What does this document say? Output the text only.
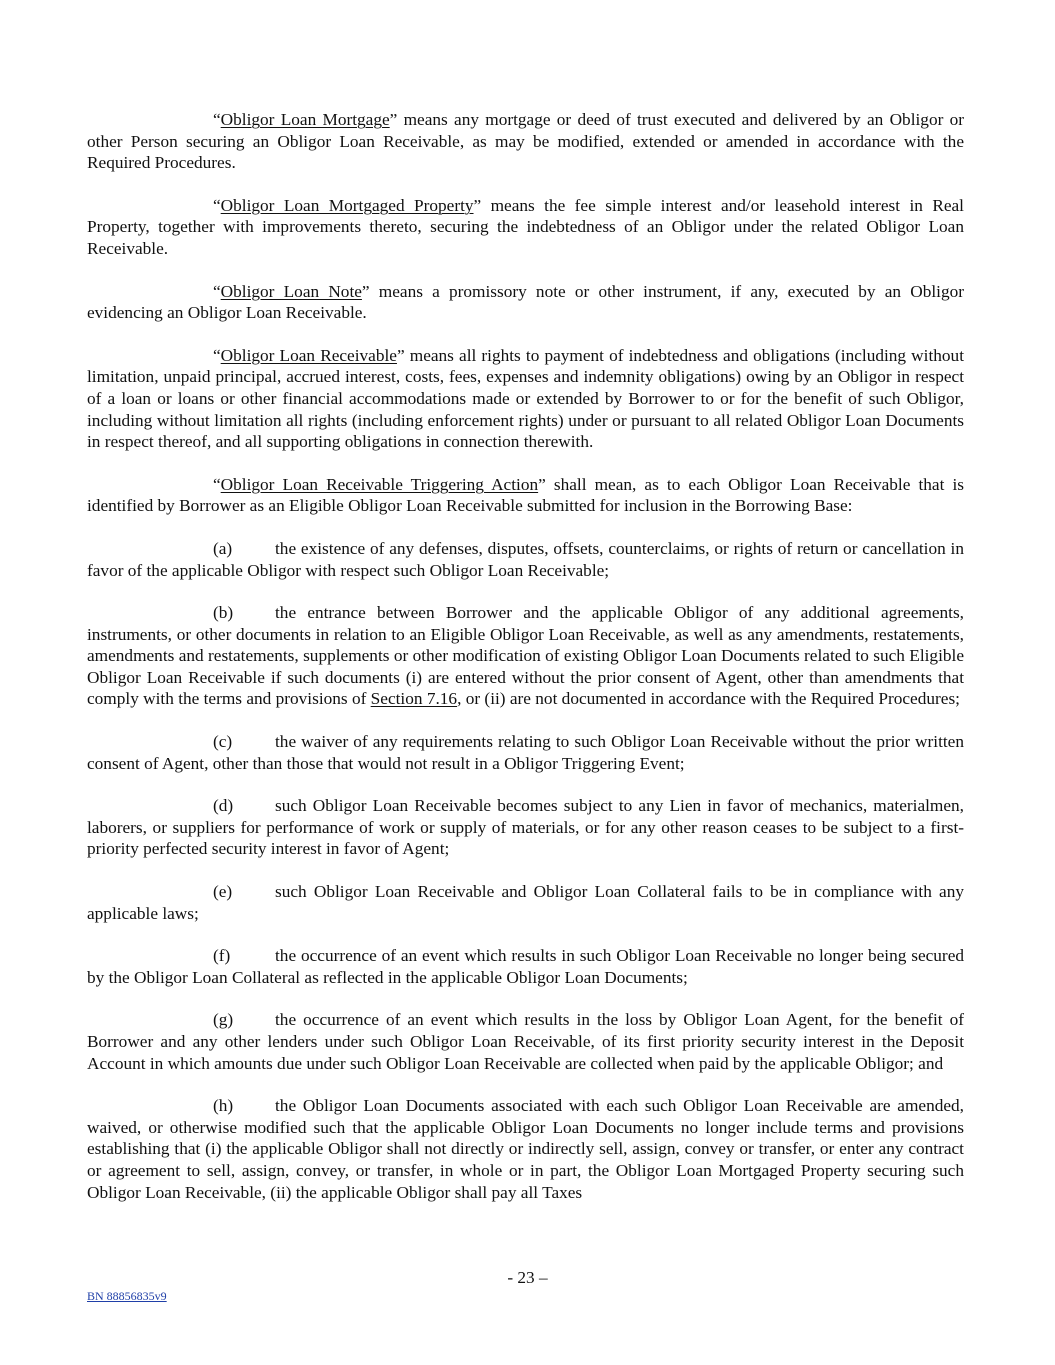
“Obligor Loan Mortgage” means any mortgage or deed of trust executed and delivered by an Obligor or other Person securing an Obligor Loan Receivable, as may be modified, extended or amended in accordance with the Required Procedures.

“Obligor Loan Mortgaged Property” means the fee simple interest and/or leasehold interest in Real Property, together with improvements thereto, securing the indebtedness of an Obligor under the related Obligor Loan Receivable.

“Obligor Loan Note” means a promissory note or other instrument, if any, executed by an Obligor evidencing an Obligor Loan Receivable.

“Obligor Loan Receivable” means all rights to payment of indebtedness and obligations (including without limitation, unpaid principal, accrued interest, costs, fees, expenses and indemnity obligations) owing by an Obligor in respect of a loan or loans or other financial accommodations made or extended by Borrower to or for the benefit of such Obligor, including without limitation all rights (including enforcement rights) under or pursuant to all related Obligor Loan Documents in respect thereof, and all supporting obligations in connection therewith.

“Obligor Loan Receivable Triggering Action” shall mean, as to each Obligor Loan Receivable that is identified by Borrower as an Eligible Obligor Loan Receivable submitted for inclusion in the Borrowing Base:

(a) the existence of any defenses, disputes, offsets, counterclaims, or rights of return or cancellation in favor of the applicable Obligor with respect such Obligor Loan Receivable;

(b) the entrance between Borrower and the applicable Obligor of any additional agreements, instruments, or other documents in relation to an Eligible Obligor Loan Receivable, as well as any amendments, restatements, amendments and restatements, supplements or other modification of existing Obligor Loan Documents related to such Eligible Obligor Loan Receivable if such documents (i) are entered without the prior consent of Agent, other than amendments that comply with the terms and provisions of Section 7.16, or (ii) are not documented in accordance with the Required Procedures;

(c) the waiver of any requirements relating to such Obligor Loan Receivable without the prior written consent of Agent, other than those that would not result in a Obligor Triggering Event;

(d) such Obligor Loan Receivable becomes subject to any Lien in favor of mechanics, materialmen, laborers, or suppliers for performance of work or supply of materials, or for any other reason ceases to be subject to a first-priority perfected security interest in favor of Agent;

(e) such Obligor Loan Receivable and Obligor Loan Collateral fails to be in compliance with any applicable laws;

(f)	the occurrence of an event which results in such Obligor Loan Receivable no longer being secured by the Obligor Loan Collateral as reflected in the applicable Obligor Loan Documents;

(g) the occurrence of an event which results in the loss by Obligor Loan Agent, for the benefit of Borrower and any other lenders under such Obligor Loan Receivable, of its first priority security interest in the Deposit Account in which amounts due under such Obligor Loan Receivable are collected when paid by the applicable Obligor; and

(h) the Obligor Loan Documents associated with each such Obligor Loan Receivable are amended, waived, or otherwise modified such that the applicable Obligor Loan Documents no longer include terms and provisions establishing that (i) the applicable Obligor shall not directly or indirectly sell, assign, convey or transfer, or enter any contract or agreement to sell, assign, convey, or transfer, in whole or in part, the Obligor Loan Mortgaged Property securing such Obligor Loan Receivable, (ii) the applicable Obligor shall pay all Taxes

- 23 –
BN 88856835v9
